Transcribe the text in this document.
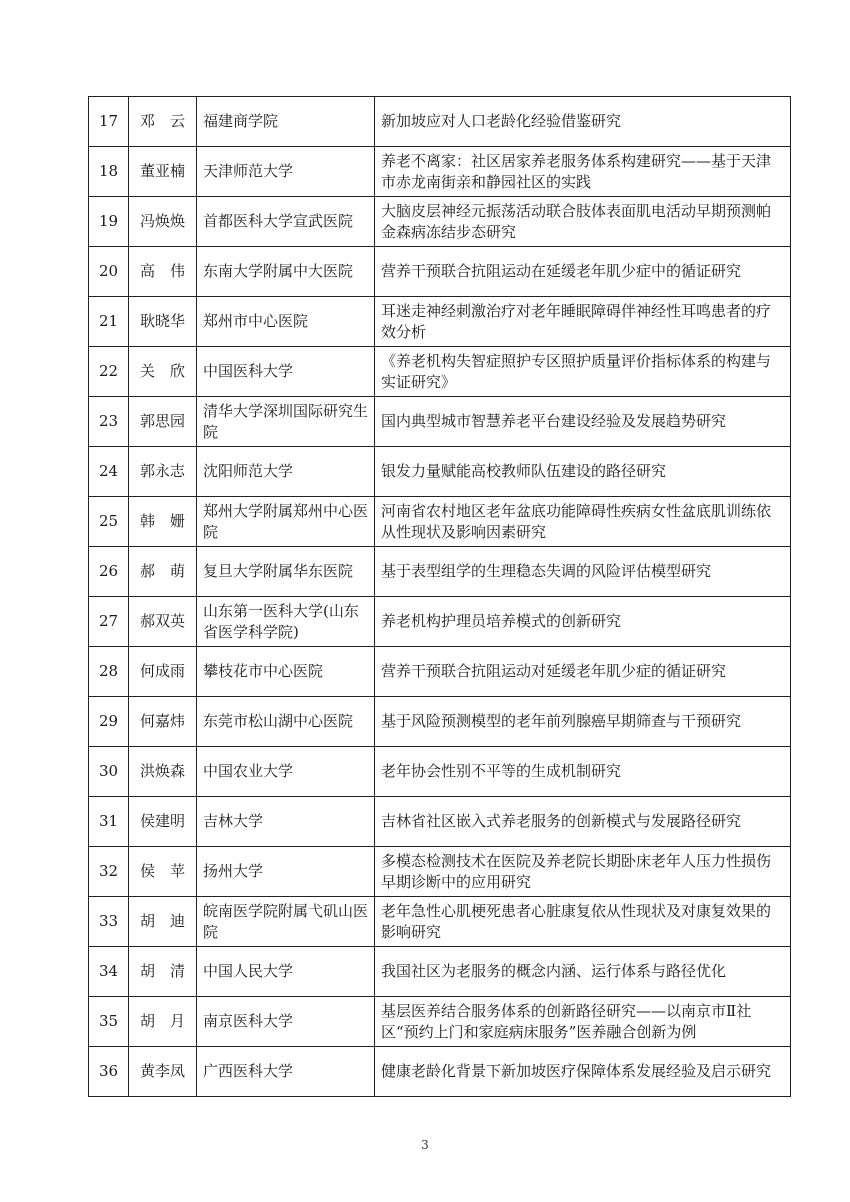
17	邓　云	福建商学院	新加坡应对人口老龄化经验借鉴研究
18	董亚楠	天津师范大学	养老不离家：社区居家养老服务体系构建研究——基于天津市赤龙南街亲和静园社区的实践
19	冯焕焕	首都医科大学宣武医院	大脑皮层神经元振荡活动联合肢体表面肌电活动早期预测帕金森病冻结步态研究
20	高　伟	东南大学附属中大医院	营养干预联合抗阻运动在延缓老年肌少症中的循证研究
21	耿晓华	郑州市中心医院	耳迷走神经刺激治疗对老年睡眠障碍伴神经性耳鸣患者的疗效分析
22	关　欣	中国医科大学	《养老机构失智症照护专区照护质量评价指标体系的构建与实证研究》
23	郭思园	清华大学深圳国际研究生院	国内典型城市智慧养老平台建设经验及发展趋势研究
24	郭永志	沈阳师范大学	银发力量赋能高校教师队伍建设的路径研究
25	韩　姗	郑州大学附属郑州中心医院	河南省农村地区老年盆底功能障碍性疾病女性盆底肌训练依从性现状及影响因素研究
26	郝　萌	复旦大学附属华东医院	基于表型组学的生理稳态失调的风险评估模型研究
27	郝双英	山东第一医科大学(山东省医学科学院)	养老机构护理员培养模式的创新研究
28	何成雨	攀枝花市中心医院	营养干预联合抗阻运动对延缓老年肌少症的循证研究
29	何嘉炜	东莞市松山湖中心医院	基于风险预测模型的老年前列腺癌早期筛查与干预研究
30	洪焕森	中国农业大学	老年协会性别不平等的生成机制研究
31	侯建明	吉林大学	吉林省社区嵌入式养老服务的创新模式与发展路径研究
32	侯　苹	扬州大学	多模态检测技术在医院及养老院长期卧床老年人压力性损伤早期诊断中的应用研究
33	胡　迪	皖南医学院附属弋矶山医院	老年急性心肌梗死患者心脏康复依从性现状及对康复效果的影响研究
34	胡　清	中国人民大学	我国社区为老服务的概念内涵、运行体系与路径优化
35	胡　月	南京医科大学	基层医养结合服务体系的创新路径研究——以南京市Ⅱ社区“预约上门和家庭病床服务”医养融合创新为例
36	黄李凤	广西医科大学	健康老龄化背景下新加坡医疗保障体系发展经验及启示研究
3
